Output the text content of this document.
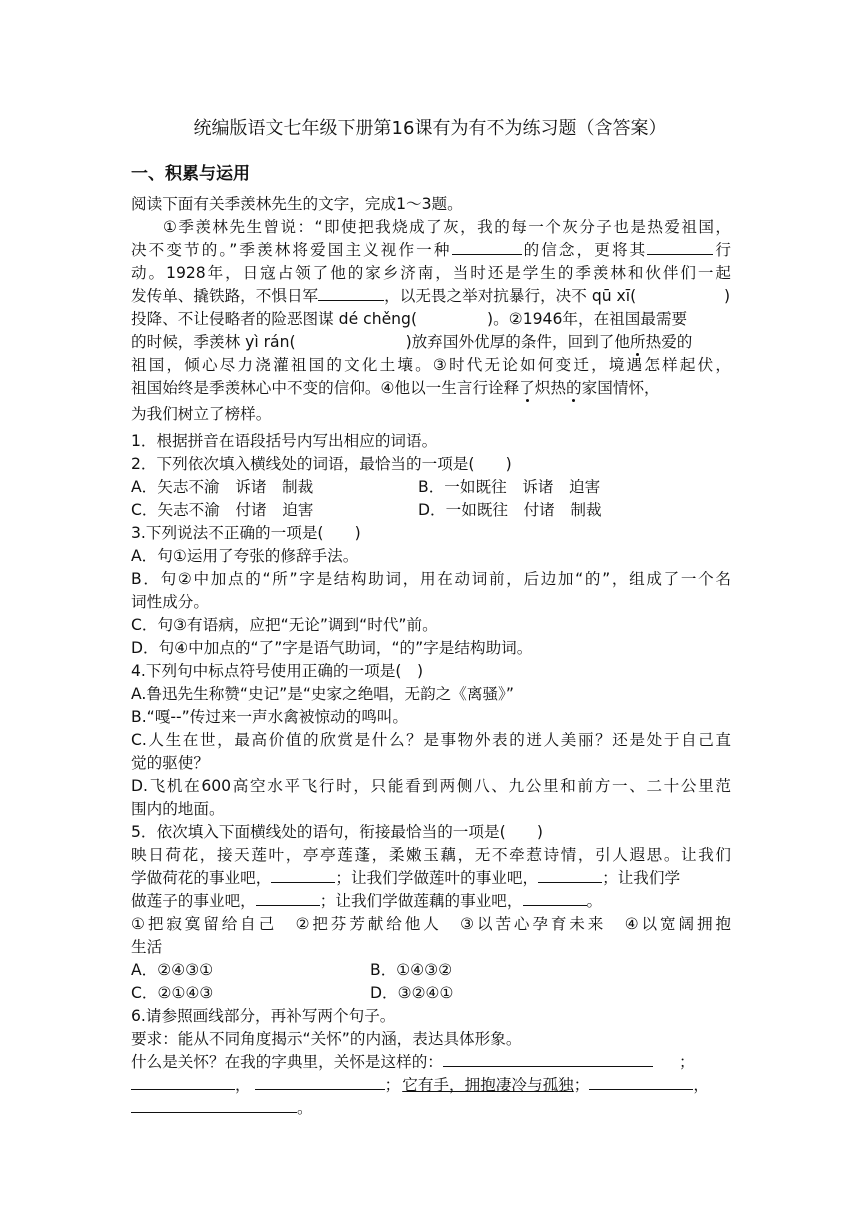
统编版语文七年级下册第16课有为有不为练习题（含答案）
一、积累与运用
阅读下面有关季羡林先生的文字，完成1～3题。
①季羡林先生曾说：“即使把我烧成了灰，我的每一个灰分子也是热爱祖国，
决不变节的。”季羡林将爱国主义视作一种	的信念，更将其	行
动。1928年，日寇占领了他的家乡济南，当时还是学生的季羡林和伙伴们一起
发传单、撬铁路，不惧日军	，以无畏之举对抗暴行，决不 qū xī(	)
投降、不让侵略者的险恶图谋 dé chěng(	)。②1946年，在祖国最需要
的时候，季羡林 yì rán(	)放弃国外优厚的条件，回到了他所热爱的
祖国，倾心尽力浇灌祖国的文化土壤。③时代无论如何变迁，境遇怎样起伏，
祖国始终是季羡林心中不变的信仰。④他以一生言行诠释了炽热的家国情怀，
为我们树立了榜样。
1．根据拼音在语段括号内写出相应的词语。
2．下列依次填入横线处的词语，最恰当的一项是(　　)
A．矢志不渝　诉诸　制裁	B．一如既往　诉诸　迫害
C．矢志不渝　付诸　迫害	D．一如既往　付诸　制裁
3.下列说法不正确的一项是(　　)
A．句①运用了夸张的修辞手法。
B．句②中加点的“所”字是结构助词，用在动词前，后边加“的”，组成了一个名
词性成分。
C．句③有语病，应把“无论”调到“时代”前。
D．句④中加点的“了”字是语气助词，“的”字是结构助词。
4.下列句中标点符号使用正确的一项是(　)
A.鲁迅先生称赞“史记”是“史家之绝唱，无韵之《离骚》”
B.“嘎--”传过来一声水禽被惊动的鸣叫。
C.人生在世，最高价值的欣赏是什么？是事物外表的迸人美丽？还是处于自己直
觉的驱使？
D.飞机在600高空水平飞行时，只能看到两侧八、九公里和前方一、二十公里范
围内的地面。
5．依次填入下面横线处的语句，衔接最恰当的一项是(　　)
映日荷花，接天莲叶，亭亭莲蓬，柔嫩玉藕，无不牵惹诗情，引人遐思。让我们
学做荷花的事业吧，	；让我们学做莲叶的事业吧，	；让我们学
做莲子的事业吧，	；让我们学做莲藕的事业吧，	。
①把寂寞留给自己　②把芬芳献给他人　③以苦心孕育未来　④以宽阔拥抱
生活
A．②④③①	B．①④③②
C．②①④③	D．③②④①
6.请参照画线部分，再补写两个句子。
要求：能从不同角度揭示“关怀”的内涵，表达具体形象。
什么是关怀？在我的字典里，关怀是这样的：	；
，	； 它有手，拥抱凄冷与孤独；	，
。
